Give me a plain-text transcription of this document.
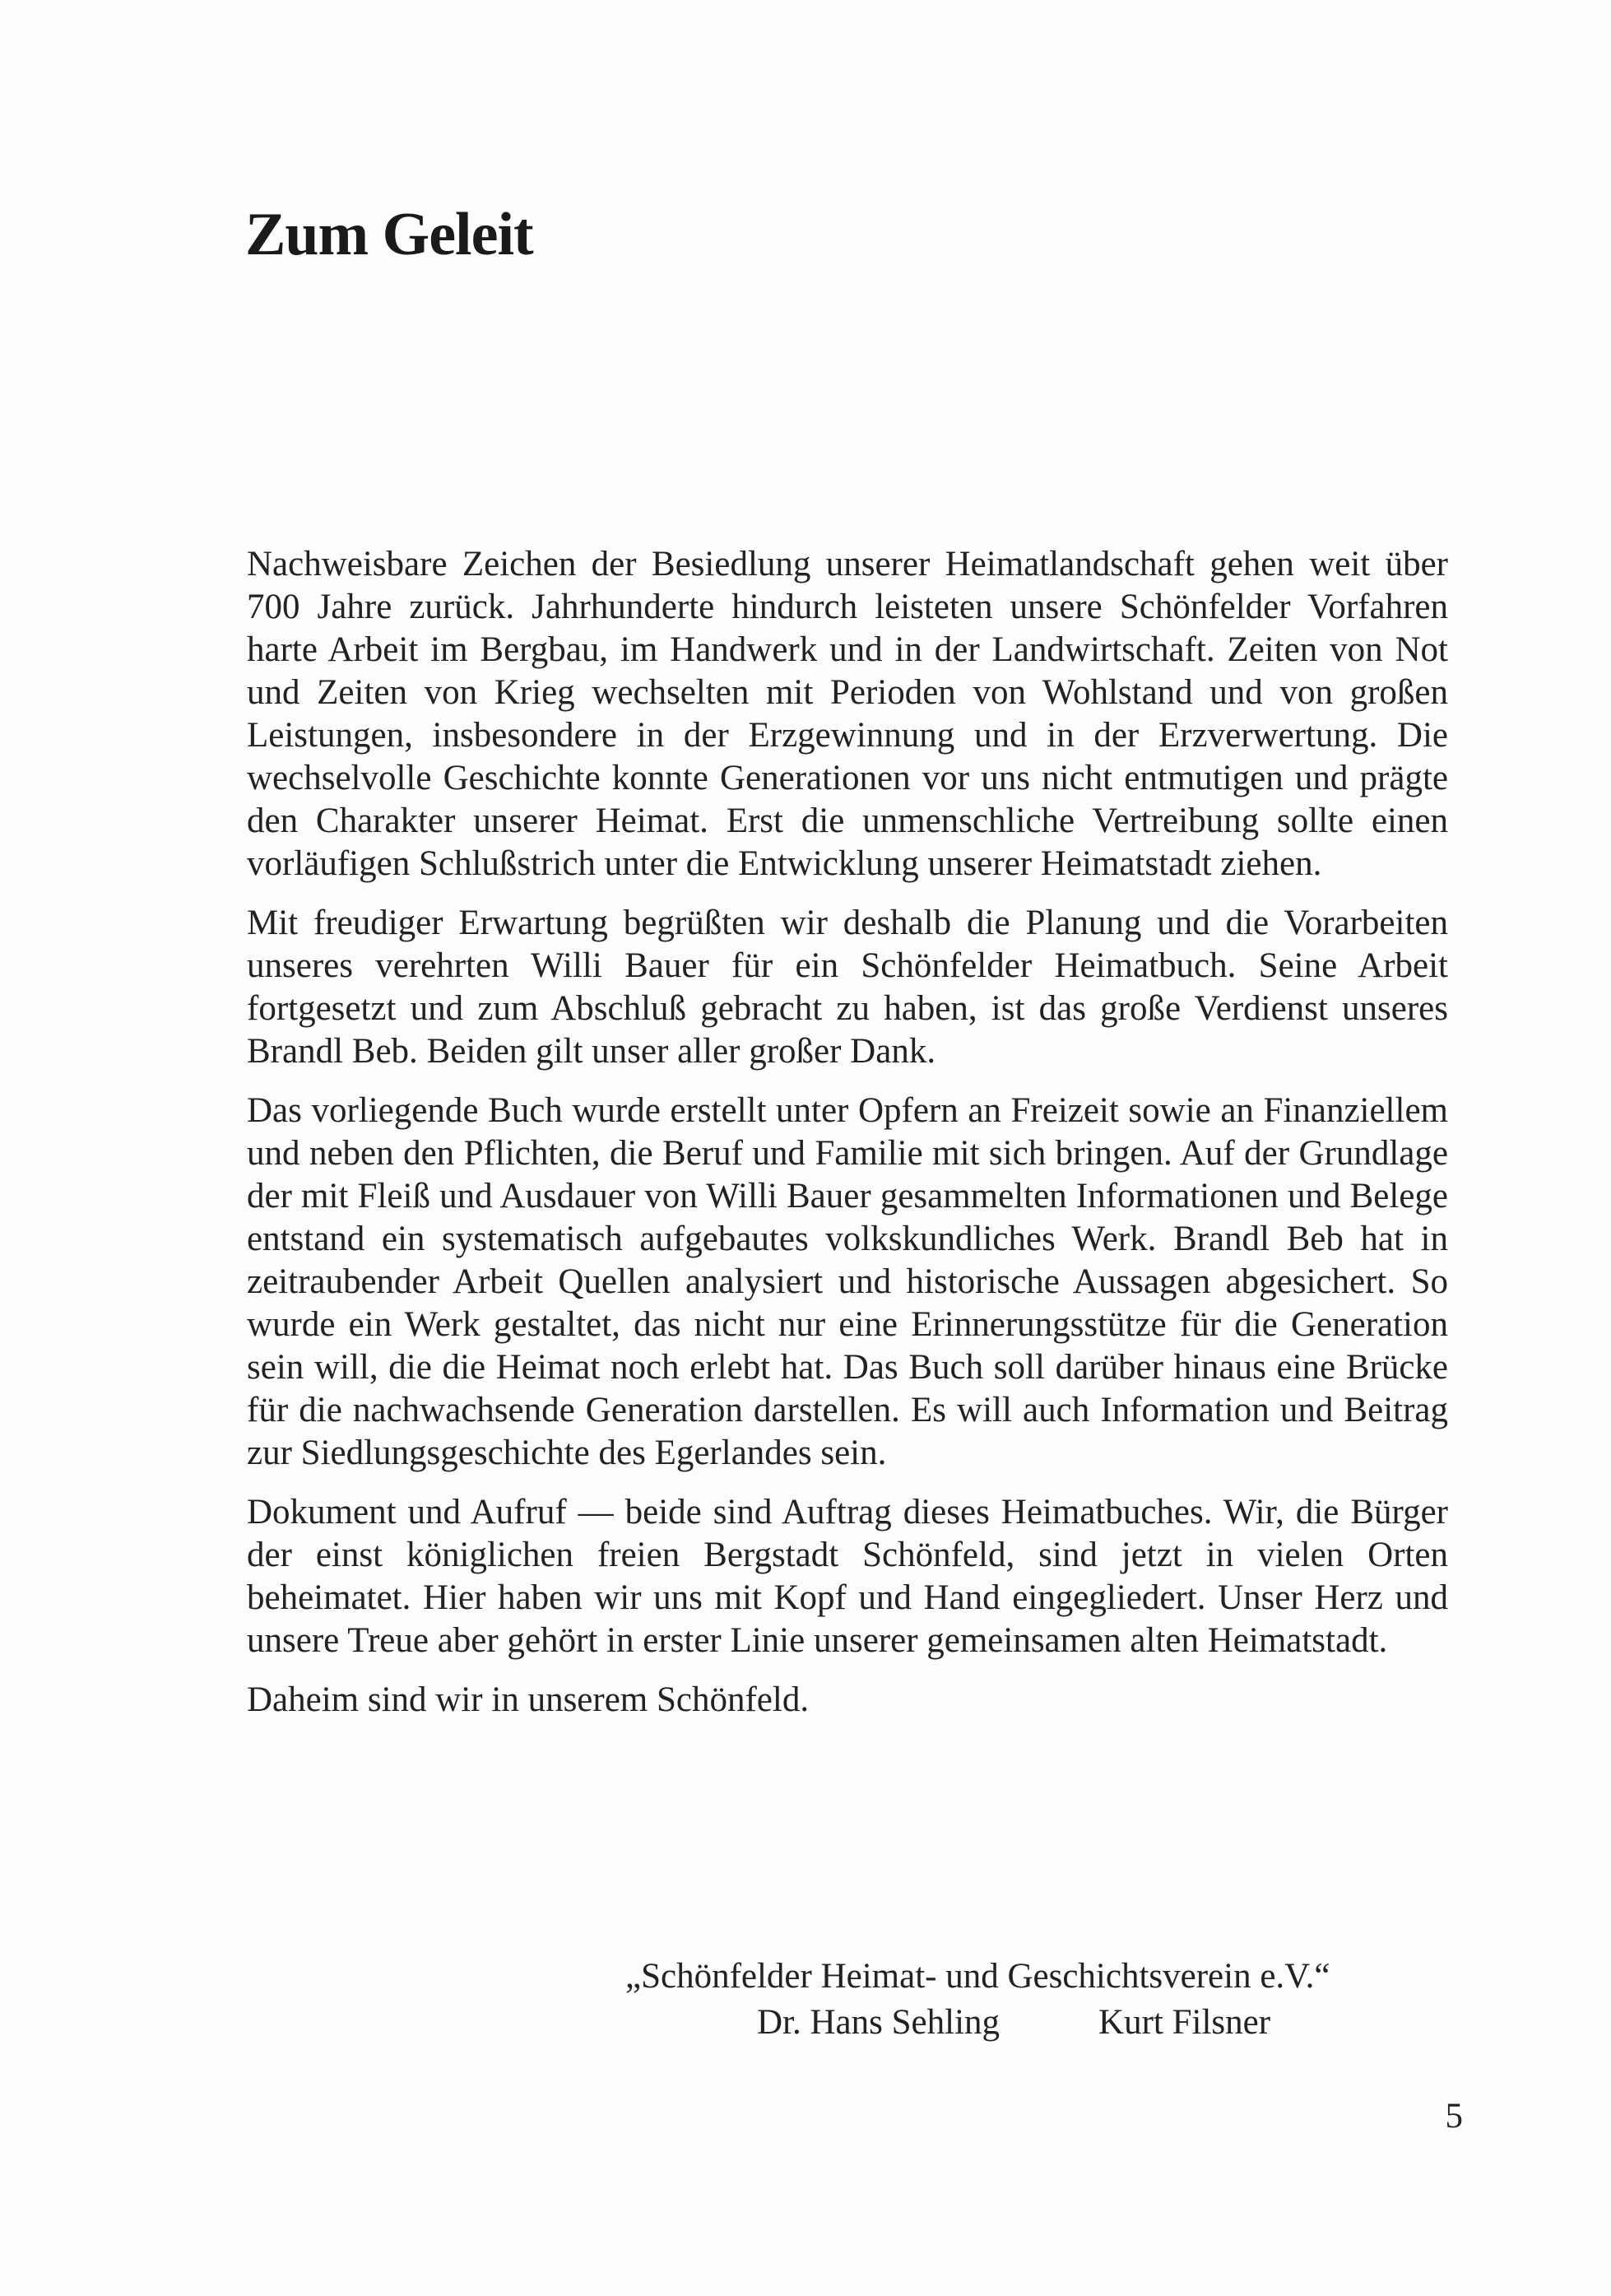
Zum Geleit

Nachweisbare Zeichen der Besiedlung unserer Heimatlandschaft gehen weit über 700 Jahre zurück. Jahrhunderte hindurch leisteten unsere Schönfelder Vorfahren harte Arbeit im Bergbau, im Handwerk und in der Landwirtschaft. Zeiten von Not und Zeiten von Krieg wechselten mit Perioden von Wohlstand und von großen Leistungen, insbesondere in der Erzgewinnung und in der Erzverwertung. Die wechselvolle Geschichte konnte Generationen vor uns nicht entmutigen und prägte den Charakter unserer Heimat. Erst die unmenschliche Vertreibung sollte einen vorläufigen Schlußstrich unter die Entwicklung unserer Heimatstadt ziehen.

Mit freudiger Erwartung begrüßten wir deshalb die Planung und die Vorarbeiten unseres verehrten Willi Bauer für ein Schönfelder Heimatbuch. Seine Arbeit fortgesetzt und zum Abschluß gebracht zu haben, ist das große Verdienst unseres Brandl Beb. Beiden gilt unser aller großer Dank.

Das vorliegende Buch wurde erstellt unter Opfern an Freizeit sowie an Finanziellem und neben den Pflichten, die Beruf und Familie mit sich bringen. Auf der Grundlage der mit Fleiß und Ausdauer von Willi Bauer gesammelten Informationen und Belege entstand ein systematisch aufgebautes volkskundliches Werk. Brandl Beb hat in zeitraubender Arbeit Quellen analysiert und historische Aussagen abgesichert. So wurde ein Werk gestaltet, das nicht nur eine Erinnerungsstütze für die Generation sein will, die die Heimat noch erlebt hat. Das Buch soll darüber hinaus eine Brücke für die nachwachsende Generation darstellen. Es will auch Information und Beitrag zur Siedlungsgeschichte des Egerlandes sein.

Dokument und Aufruf — beide sind Auftrag dieses Heimatbuches. Wir, die Bürger der einst königlichen freien Bergstadt Schönfeld, sind jetzt in vielen Orten beheimatet. Hier haben wir uns mit Kopf und Hand eingegliedert. Unser Herz und unsere Treue aber gehört in erster Linie unserer gemeinsamen alten Heimatstadt.

Daheim sind wir in unserem Schönfeld.

„Schönfelder Heimat- und Geschichtsverein e.V.“
Dr. Hans Sehling	Kurt Filsner
5
